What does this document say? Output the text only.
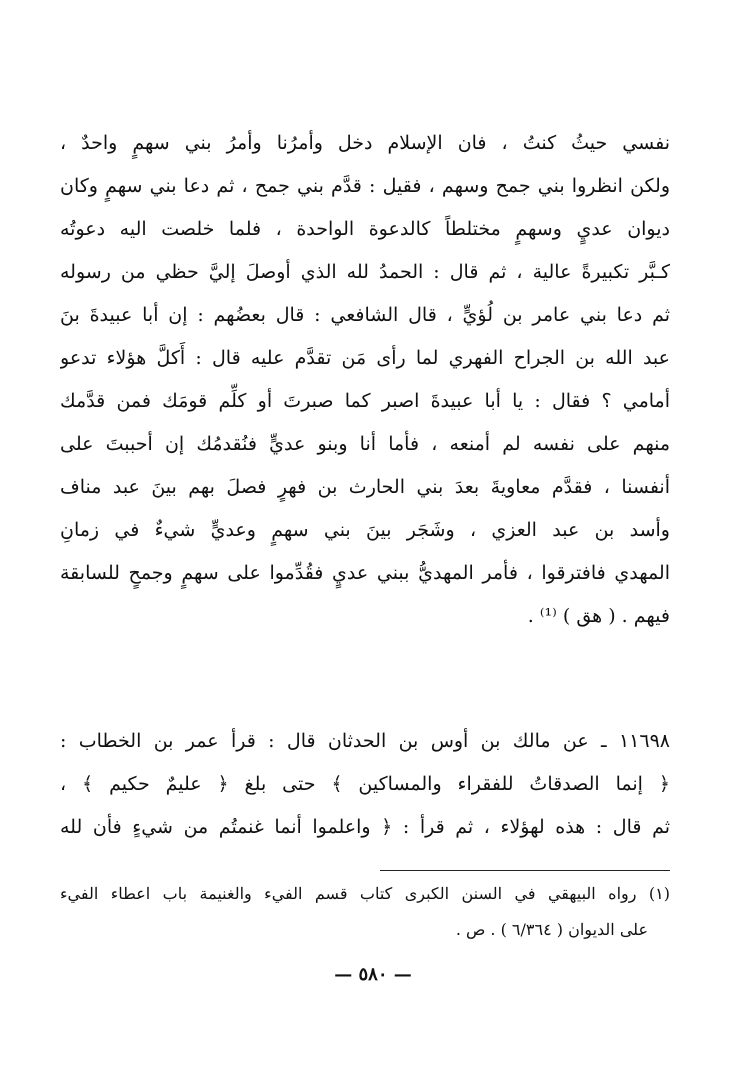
نفسي حيثُ كنتُ ، فان الإسلام دخل وأمرُنا وأمرُ بني سهمٍ واحدٌ ،
ولكن انظروا بني جمح وسهم ، فقيل : قدَّم بني جمح ، ثم دعا بني سهمٍ وكان
ديوان عديٍ وسهمٍ مختلطاً كالدعوة الواحدة ، فلما خلصت اليه دعوتُه
كـبَّر تكبيرةً عالية ، ثم قال : الحمدُ لله الذي أوصلَ إليَّ حظي من رسوله
ثم دعا بني عامر بن لُؤيٍّ ، قال الشافعي : قال بعضُهم : إن أبا عبيدةَ بنَ
عبد الله بن الجراح الفهري لما رأى مَن تقدَّم عليه قال : أَكلَّ هؤلاء تدعو
أمامي ؟ فقال : يا أبا عبيدةَ اصبر كما صبرتَ أو كلِّم قومَك فمن قدَّمك
منهم على نفسه لم أمنعه ، فأما أنا وبنو عديٍّ فنُقدمُك إن أحببتَ على
أنفسنا ، فقدَّم معاويةَ بعدَ بني الحارث بن فهرٍ فصلَ بهم بينَ عبد مناف
وأسد بن عبد العزي ، وشَجَر بينَ بني سهمٍ وعديٍّ شيءٌ في زمانِ
المهدي فافترقوا ، فأمر المهديُّ ببني عديٍ فقُدِّموا على سهمٍ وجمحٍ للسابقة
فيهم . ( هق ) ⁽¹⁾ .
١١٦٩٨ ـ عن مالك بن أوس بن الحدثان قال : قرأ عمر بن الخطاب :
﴿ إنما الصدقاتُ للفقراء والمساكين ﴾ حتى بلغ ﴿ عليمٌ حكيم ﴾ ،
ثم قال : هذه لهؤلاء ، ثم قرأ : ﴿ واعلموا أنما غنمتُم من شيءٍ فأن لله
(١) رواه البيهقي في السنن الكبرى كتاب قسم الفيء والغنيمة باب اعطاء الفيء
على الديوان ( ٦/٣٦٤ ) . ص .
— ٥٨٠ —
